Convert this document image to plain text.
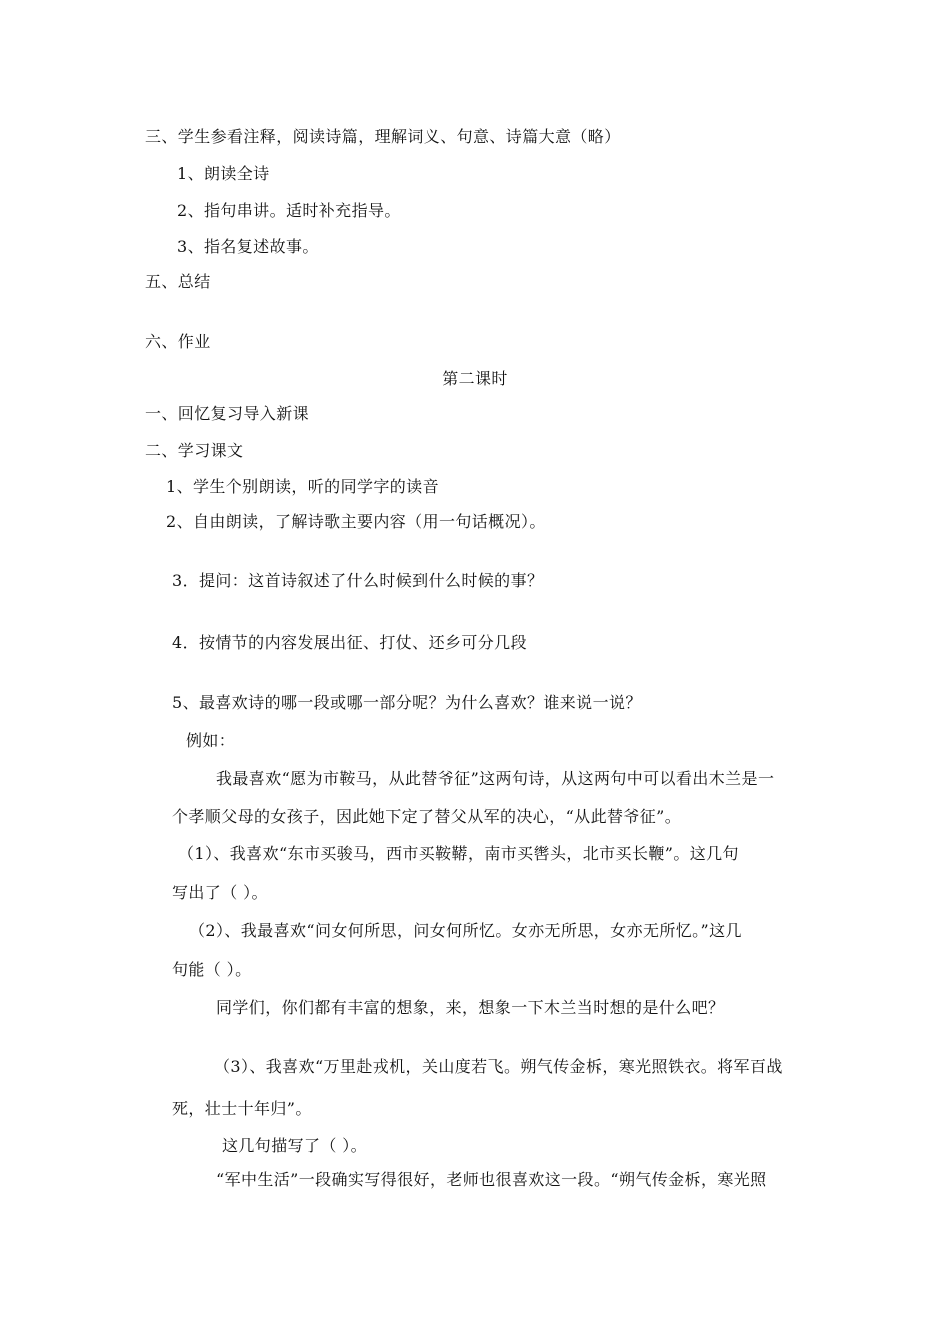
三、学生参看注释，阅读诗篇，理解词义、句意、诗篇大意（略）
1、朗读全诗
2、指句串讲。适时补充指导。
3、指名复述故事。
五、总结
六、作业
第二课时
一、回忆复习导入新课
二、学习课文
1、学生个别朗读，听的同学字的读音
2、自由朗读，了解诗歌主要内容（用一句话概况）。
3．提问：这首诗叙述了什么时候到什么时候的事？
4．按情节的内容发展出征、打仗、还乡可分几段
5、最喜欢诗的哪一段或哪一部分呢？为什么喜欢？谁来说一说？
例如：
我最喜欢“愿为市鞍马，从此替爷征”这两句诗，从这两句中可以看出木兰是一
个孝顺父母的女孩子，因此她下定了替父从军的决心，“从此替爷征”。
（1）、我喜欢“东市买骏马，西市买鞍鞯，南市买辔头，北市买长鞭”。这几句
写出了（ ）。
（2）、我最喜欢“问女何所思，问女何所忆。女亦无所思，女亦无所忆。”这几
句能（ ）。
同学们，你们都有丰富的想象，来，想象一下木兰当时想的是什么吧？
（3）、我喜欢“万里赴戎机，关山度若飞。朔气传金柝，寒光照铁衣。将军百战
死，壮士十年归”。
这几句描写了（ ）。
“军中生活”一段确实写得很好，老师也很喜欢这一段。“朔气传金柝，寒光照
